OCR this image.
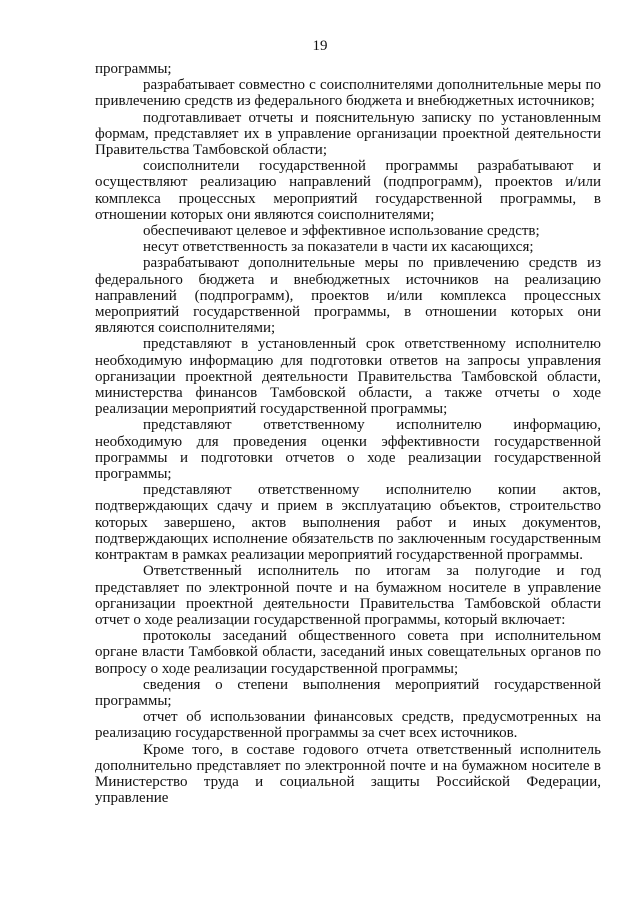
19

программы;

разрабатывает совместно с соисполнителями дополнительные меры по привлечению средств из федерального бюджета и внебюджетных источников;

подготавливает отчеты и пояснительную записку по установленным формам, представляет их в управление организации проектной деятельности Правительства Тамбовской области;

соисполнители государственной программы разрабатывают и осуществляют реализацию направлений (подпрограмм), проектов и/или комплекса процессных мероприятий государственной программы, в отношении которых они являются соисполнителями;

обеспечивают целевое и эффективное использование средств;

несут ответственность за показатели в части их касающихся;

разрабатывают дополнительные меры по привлечению средств из федерального бюджета и внебюджетных источников на реализацию направлений (подпрограмм), проектов и/или комплекса процессных мероприятий государственной программы, в отношении которых они являются соисполнителями;

представляют в установленный срок ответственному исполнителю необходимую информацию для подготовки ответов на запросы управления организации проектной деятельности Правительства Тамбовской области, министерства финансов Тамбовской области, а также отчеты о ходе реализации мероприятий государственной программы;

представляют ответственному исполнителю информацию, необходимую для проведения оценки эффективности государственной программы и подготовки отчетов о ходе реализации государственной программы;

представляют ответственному исполнителю копии актов, подтверждающих сдачу и прием в эксплуатацию объектов, строительство которых завершено, актов выполнения работ и иных документов, подтверждающих исполнение обязательств по заключенным государственным контрактам в рамках реализации мероприятий государственной программы.

Ответственный исполнитель по итогам за полугодие и год представляет по электронной почте и на бумажном носителе в управление организации проектной деятельности Правительства Тамбовской области отчет о ходе реализации государственной программы, который включает:

протоколы заседаний общественного совета при исполнительном органе власти Тамбовкой области, заседаний иных совещательных органов по вопросу о ходе реализации государственной программы;

сведения о степени выполнения мероприятий государственной программы;

отчет об использовании финансовых средств, предусмотренных на реализацию государственной программы за счет всех источников.

Кроме того, в составе годового отчета ответственный исполнитель дополнительно представляет по электронной почте и на бумажном носителе в Министерство труда и социальной защиты Российской Федерации, управление
